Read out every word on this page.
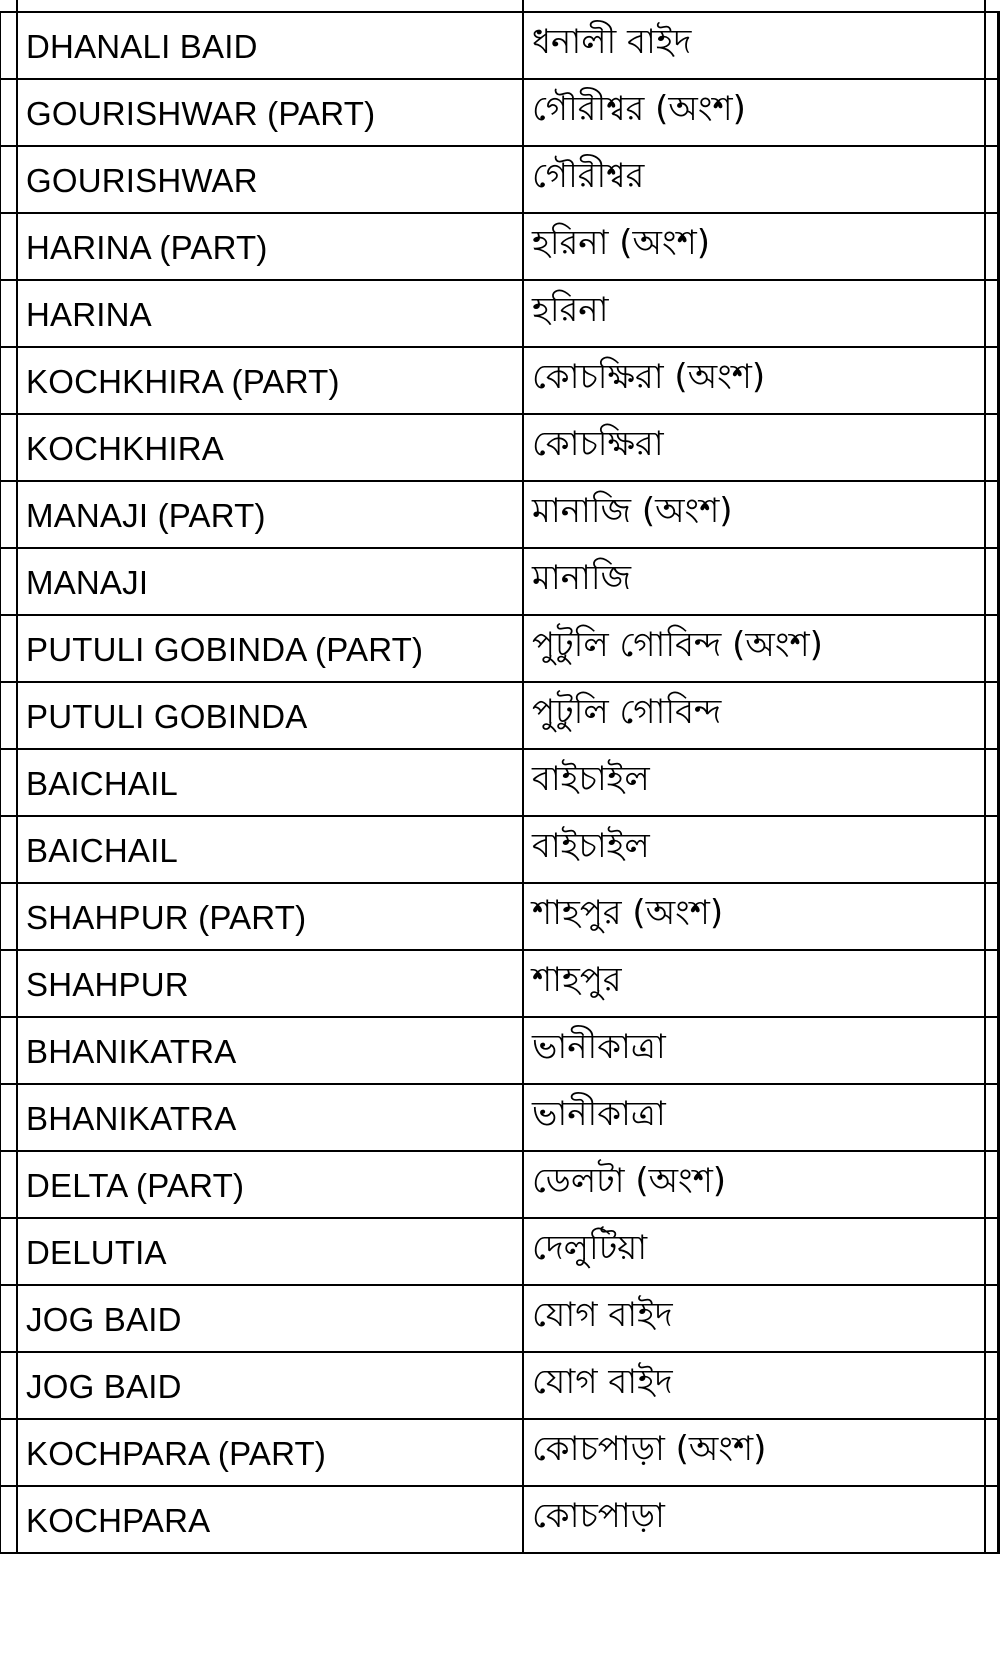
DHANALI BAID	ধনালী বাইদ
GOURISHWAR (PART)	গৌরীশ্বর (অংশ)
GOURISHWAR	গৌরীশ্বর
HARINA (PART)	হরিনা (অংশ)
HARINA	হরিনা
KOCHKHIRA (PART)	কোচক্ষিরা (অংশ)
KOCHKHIRA	কোচক্ষিরা
MANAJI (PART)	মানাজি (অংশ)
MANAJI	মানাজি
PUTULI GOBINDA (PART)	পুটুলি গোবিন্দ (অংশ)
PUTULI GOBINDA	পুটুলি গোবিন্দ
BAICHAIL	বাইচাইল
BAICHAIL	বাইচাইল
SHAHPUR (PART)	শাহপুর (অংশ)
SHAHPUR	শাহপুর
BHANIKATRA	ভানীকাত্রা
BHANIKATRA	ভানীকাত্রা
DELTA (PART)	ডেলটা (অংশ)
DELUTIA	দেলুটিয়া
JOG BAID	যোগ বাইদ
JOG BAID	যোগ বাইদ
KOCHPARA (PART)	কোচপাড়া (অংশ)
KOCHPARA	কোচপাড়া
